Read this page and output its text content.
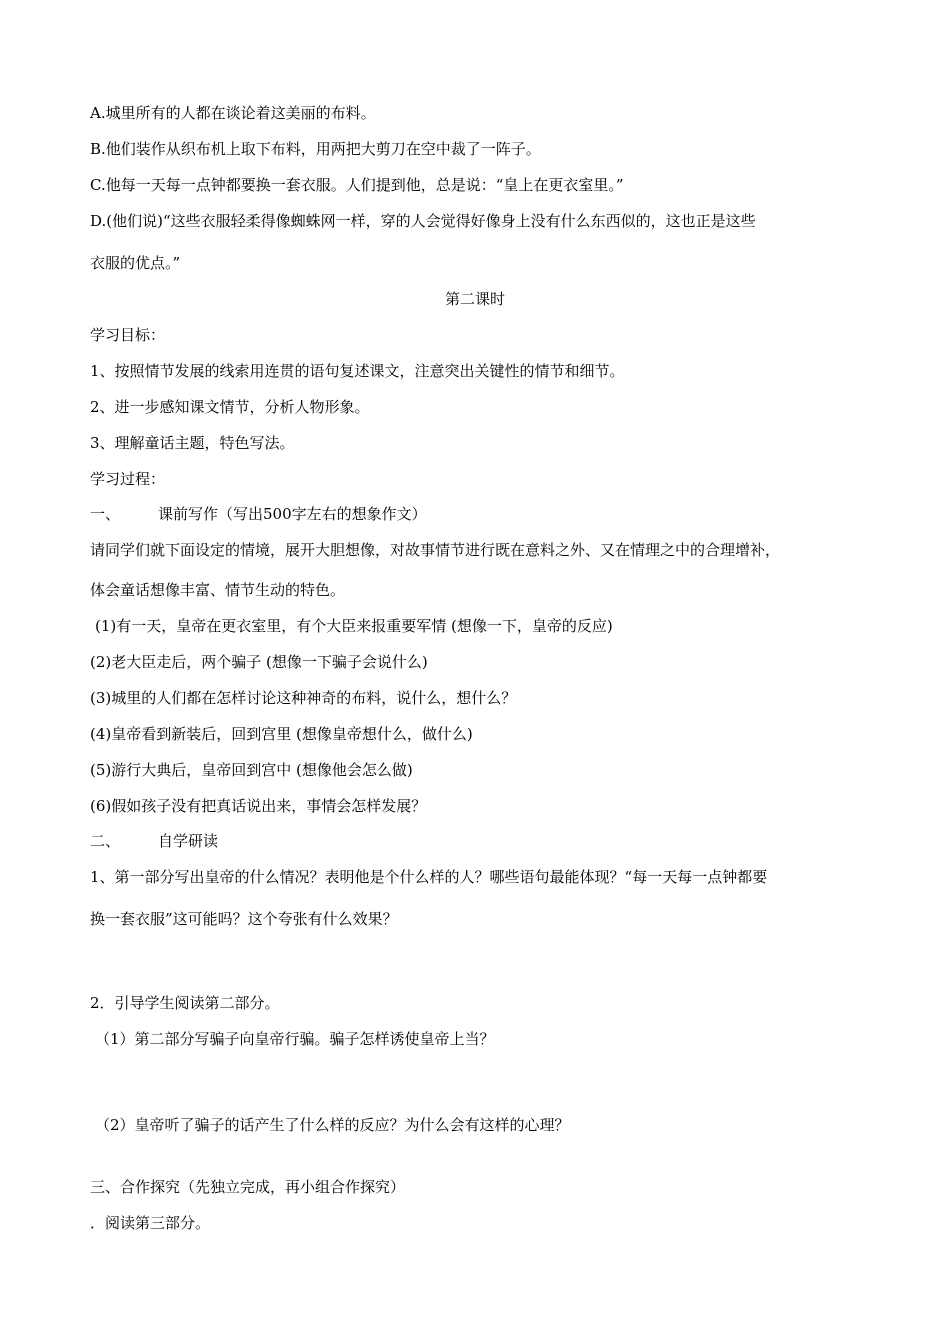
A.城里所有的人都在谈论着这美丽的布料。
B.他们装作从织布机上取下布料，用两把大剪刀在空中裁了一阵子。
C.他每一天每一点钟都要换一套衣服。人们提到他，总是说：“皇上在更衣室里。”
D.(他们说)“这些衣服轻柔得像蜘蛛网一样，穿的人会觉得好像身上没有什么东西似的，这也正是这些
衣服的优点。”
第二课时
学习目标：
1、按照情节发展的线索用连贯的语句复述课文，注意突出关键性的情节和细节。
2、进一步感知课文情节，分析人物形象。
3、理解童话主题，特色写法。
学习过程：
一、	课前写作（写出500字左右的想象作文）
请同学们就下面设定的情境，展开大胆想像，对故事情节进行既在意料之外、又在情理之中的合理增补，
体会童话想像丰富、情节生动的特色。
(1)有一天，皇帝在更衣室里，有个大臣来报重要军情 (想像一下，皇帝的反应)
(2)老大臣走后，两个骗子 (想像一下骗子会说什么)
(3)城里的人们都在怎样讨论这种神奇的布料，说什么，想什么？
(4)皇帝看到新装后，回到宫里 (想像皇帝想什么，做什么)
(5)游行大典后，皇帝回到宫中 (想像他会怎么做)
(6)假如孩子没有把真话说出来，事情会怎样发展？
二、	自学研读
1、第一部分写出皇帝的什么情况？表明他是个什么样的人？哪些语句最能体现？“每一天每一点钟都要
换一套衣服”这可能吗？这个夸张有什么效果？
2．引导学生阅读第二部分。
（1）第二部分写骗子向皇帝行骗。骗子怎样诱使皇帝上当？
（2）皇帝听了骗子的话产生了什么样的反应？为什么会有这样的心理？
三、合作探究（先独立完成，再小组合作探究）
．阅读第三部分。
